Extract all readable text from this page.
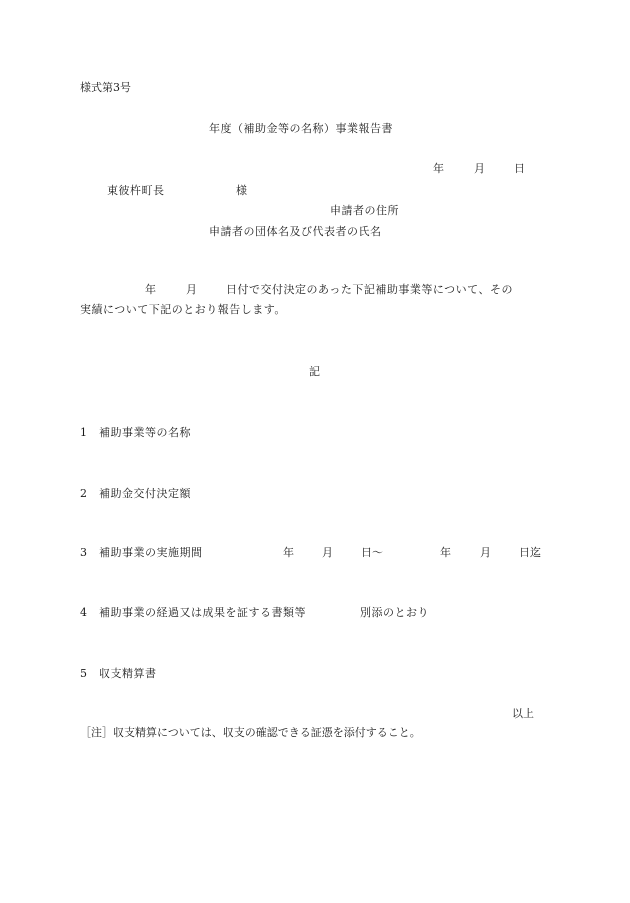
様式第3号
年度（補助金等の名称）事業報告書
年	月	日
東彼杵町長	様
申請者の住所
申請者の団体名及び代表者の氏名
年	月	日付で交付決定のあった下記補助事業等について、その
実績について下記のとおり報告します。
記
1 補助事業等の名称
2 補助金交付決定額
3 補助事業の実施期間	年	月	日～	年	月	日迄
4 補助事業の経過又は成果を証する書類等	別添のとおり
5 収支精算書
以上
［注］収支精算については、収支の確認できる証憑を添付すること。
